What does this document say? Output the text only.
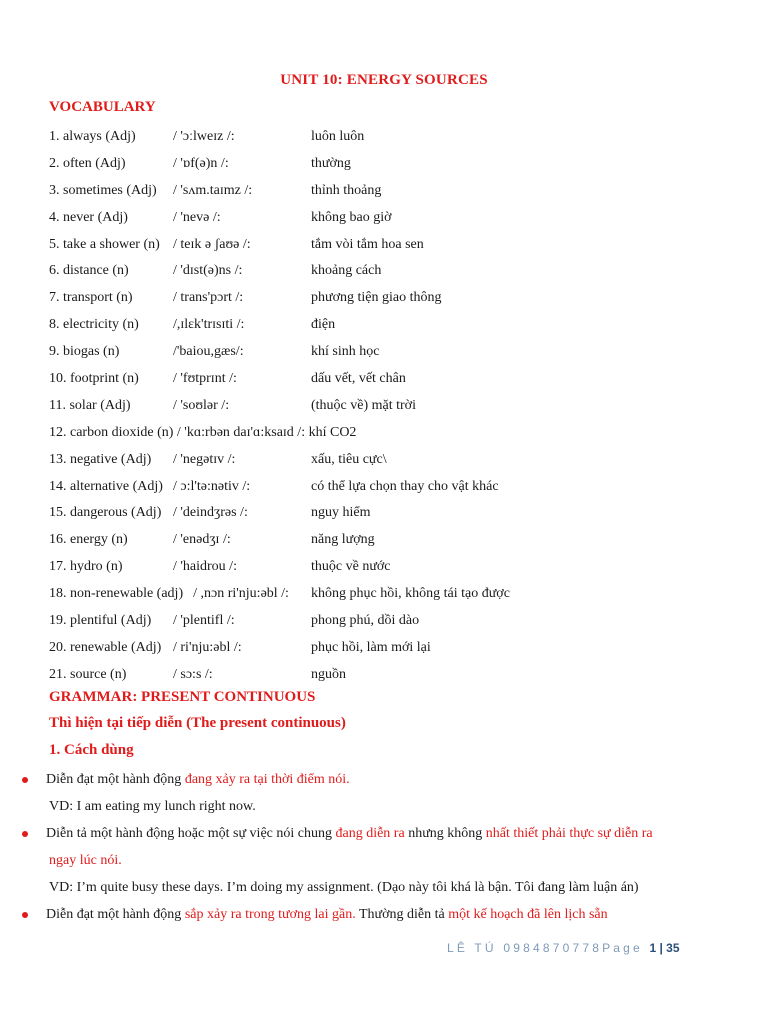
UNIT 10: ENERGY SOURCES
VOCABULARY
1. always (Adj)	/ 'ɔːlweɪz /:	luôn luôn
2. often (Adj)	/ 'ɒf(ə)n /:	thường
3. sometimes (Adj) / 'sʌm.taɪmz /:	thỉnh thoảng
4. never (Adj)	/ 'nevə /:	không bao giờ
5. take a shower (n) / teɪk ə ʃaʊə /:	tắm vòi tắm hoa sen
6. distance (n)	/ 'dɪst(ə)ns /:	khoảng cách
7. transport (n)	/ trans'pɔrt /:	phương tiện giao thông
8. electricity (n) /,ɪlɛk'trɪsɪti /:	điện
9. biogas (n)	/'baiou,gæs/:	khí sinh học
10. footprint (n) / 'fʊtprɪnt /:	dấu vết, vết chân
11. solar (Adj)	/ 'soʊlər /:	(thuộc về) mặt trời
12. carbon dioxide (n) / 'kɑ:rbən daɪ'ɑ:ksaɪd /: khí CO2
13. negative (Adj) / 'negətɪv /:	xấu, tiêu cực\
14. alternative (Adj) / ɔ:l'tə:nətiv /:	có thể lựa chọn thay cho vật khác
15. dangerous (Adj) / 'deindʒrəs /:	nguy hiểm
16. energy (n)	/ 'enədʒɪ /:	năng lượng
17. hydro (n)	/ 'haidrou /:	thuộc về nước
18. non-renewable (adj) / ,nɔn ri'nju:əbl /: không phục hồi, không tái tạo được
19. plentiful (Adj) / 'plentifl /:	phong phú, dồi dào
20. renewable (Adj) / ri'nju:əbl /:	phục hồi, làm mới lại
21. source (n)	/ sɔ:s /:	nguồn
GRAMMAR: PRESENT CONTINUOUS
Thì hiện tại tiếp diễn (The present continuous)
1. Cách dùng
Diễn đạt một hành động đang xảy ra tại thời điểm nói.
VD: I am eating my lunch right now.
Diễn tả một hành động hoặc một sự việc nói chung đang diễn ra nhưng không nhất thiết phải thực sự diễn ra
ngay lúc nói.
VD: I’m quite busy these days. I’m doing my assignment. (Dạo này tôi khá là bận. Tôi đang làm luận án)
Diễn đạt một hành động sắp xảy ra trong tương lai gần. Thường diễn tả một kế hoạch đã lên lịch sẵn
LÊ TÚ 0984870778Page 1 | 35
